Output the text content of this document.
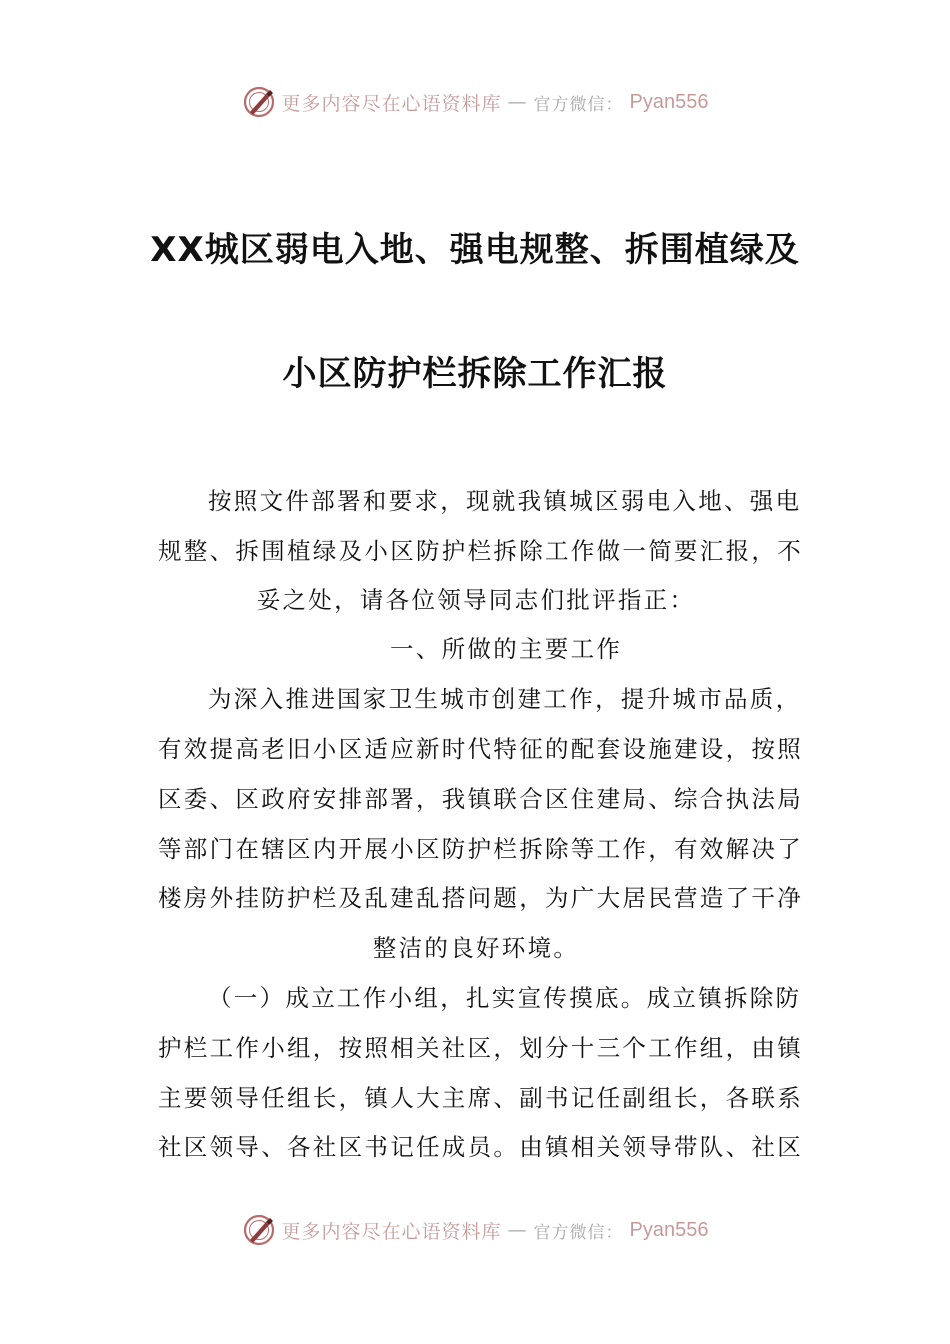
更多内容尽在心语资料库 — 官方微信： Pyan556
XX城区弱电入地、强电规整、拆围植绿及
小区防护栏拆除工作汇报
按照文件部署和要求，现就我镇城区弱电入地、强电
规整、拆围植绿及小区防护栏拆除工作做一简要汇报，不
妥之处，请各位领导同志们批评指正：
一、所做的主要工作
为深入推进国家卫生城市创建工作，提升城市品质，
有效提高老旧小区适应新时代特征的配套设施建设，按照
区委、区政府安排部署，我镇联合区住建局、综合执法局
等部门在辖区内开展小区防护栏拆除等工作，有效解决了
楼房外挂防护栏及乱建乱搭问题，为广大居民营造了干净
整洁的良好环境。
（一）成立工作小组，扎实宣传摸底。成立镇拆除防
护栏工作小组，按照相关社区，划分十三个工作组，由镇
主要领导任组长，镇人大主席、副书记任副组长，各联系
社区领导、各社区书记任成员。由镇相关领导带队、社区
更多内容尽在心语资料库 — 官方微信： Pyan556
